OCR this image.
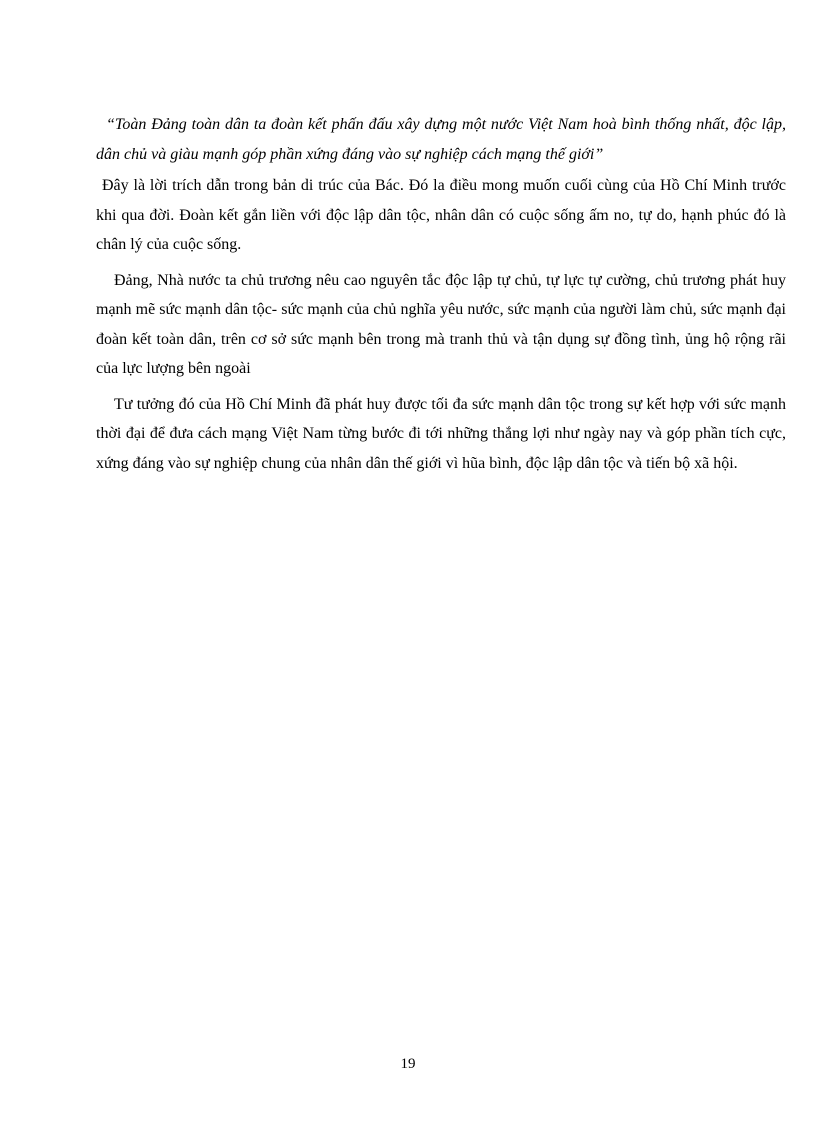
“Toàn Đảng toàn dân ta đoàn kết phấn đấu xây dựng một nước Việt Nam hoà bình thống nhất, độc lập, dân chủ và giàu mạnh góp phần xứng đáng vào sự nghiệp cách mạng thế giới”

Đây là lời trích dẫn trong bản di trúc của Bác. Đó la điều mong muốn cuối cùng của Hồ Chí Minh trước khi qua đời. Đoàn kết gắn liền với độc lập dân tộc, nhân dân có cuộc sống ấm no, tự do, hạnh phúc đó là chân lý của cuộc sống.

Đảng, Nhà nước ta chủ trương nêu cao nguyên tắc độc lập tự chủ, tự lực tự cường, chủ trương phát huy mạnh mẽ sức mạnh dân tộc- sức mạnh của chủ nghĩa yêu nước, sức mạnh của người làm chủ, sức mạnh đại đoàn kết toàn dân, trên cơ sở sức mạnh bên trong mà tranh thủ và tận dụng sự đồng tình, ủng hộ rộng rãi của lực lượng bên ngoài

Tư tưởng đó của Hồ Chí Minh đã phát huy được tối đa sức mạnh dân tộc trong sự kết hợp với sức mạnh thời đại để đưa cách mạng Việt Nam từng bước đi tới những thắng lợi như ngày nay và góp phần tích cực, xứng đáng vào sự nghiệp chung của nhân dân thế giới vì hũa bình, độc lập dân tộc và tiến bộ xã hội.

19
